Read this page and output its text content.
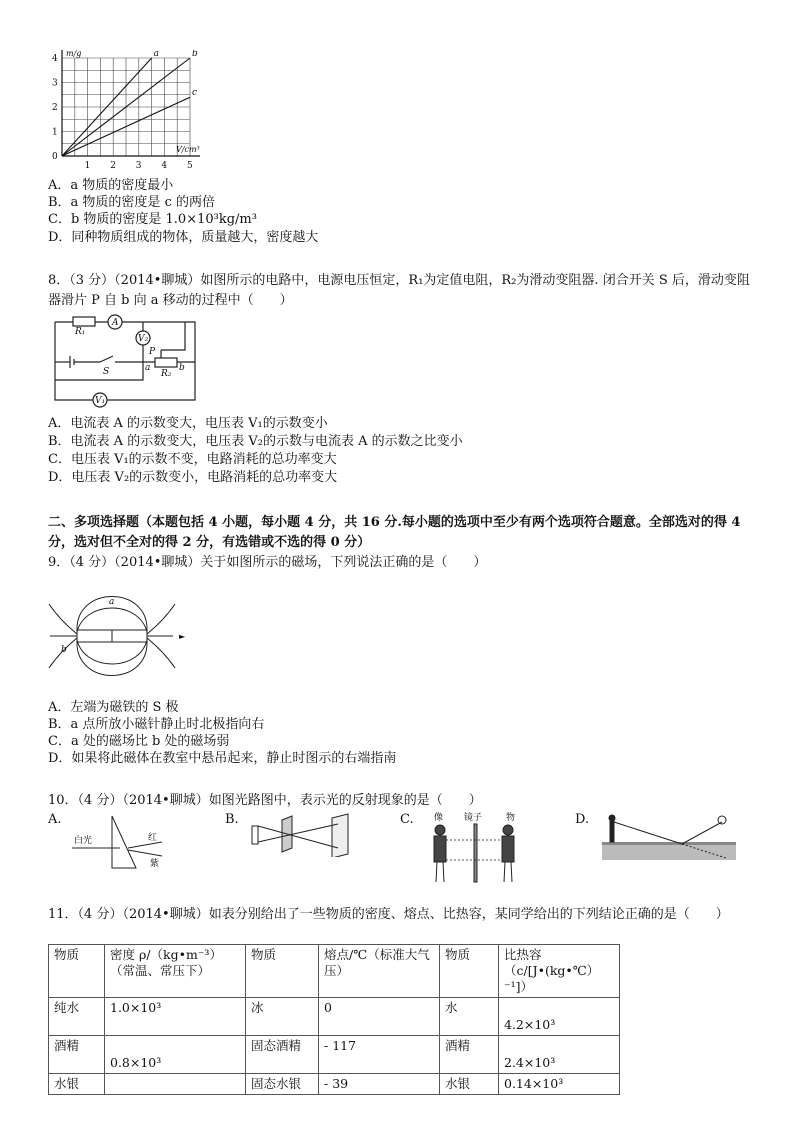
1 2 3 4 5
0
1
2
3
4
m/g
V/cm³
a	b
c
A．a 物质的密度最小
B．a 物质的密度是 c 的两倍
C．b 物质的密度是 1.0×10³kg/m³
D．同种物质组成的物体，质量越大，密度越大
8．（3 分）（2014•聊城）如图所示的电路中，电源电压恒定，R₁为定值电阻，R₂为滑动变阻器. 闭合开关 S 后，滑动变阻
器滑片 P 自 b 向 a 移动的过程中（　　）
R₁
A
V₂
P
R₂
a	b
S
V₁
A．电流表 A 的示数变大，电压表 V₁的示数变小
B．电流表 A 的示数变大，电压表 V₂的示数与电流表 A 的示数之比变小
C．电压表 V₁的示数不变，电路消耗的总功率变大
D．电压表 V₂的示数变小，电路消耗的总功率变大
二、多项选择题（本题包括 4 小题，每小题 4 分，共 16 分.每小题的选项中至少有两个选项符合题意。全部选对的得 4
分，选对但不全对的得 2 分，有选错或不选的得 0 分）
9．（4 分）（2014•聊城）关于如图所示的磁场，下列说法正确的是（　　）
a
b
►
A．左端为磁铁的 S 极
B．a 点所放小磁针静止时北极指向右
C．a 处的磁场比 b 处的磁场弱
D．如果将此磁体在教室中悬吊起来，静止时图示的右端指南
10．（4 分）（2014•聊城）如图光路图中，表示光的反射现象的是（　　）
A.
白光	红
紫
B.	C. 像 镜子	物	D.
11．（4 分）（2014•聊城）如表分别给出了一些物质的密度、熔点、比热容，某同学给出的下列结论正确的是（　　）
物质	密度 ρ/（kg•m⁻³）（常温、常压下）	物质	熔点/℃（标准大气压）	物质	比热容（c/[J•(kg•℃）⁻¹]）
纯水	1.0×10³	冰	0	水	4.2×10³
酒精	0.8×10³	固态酒精	- 117	酒精	2.4×10³
水银		固态水银	- 39	水银	0.14×10³
